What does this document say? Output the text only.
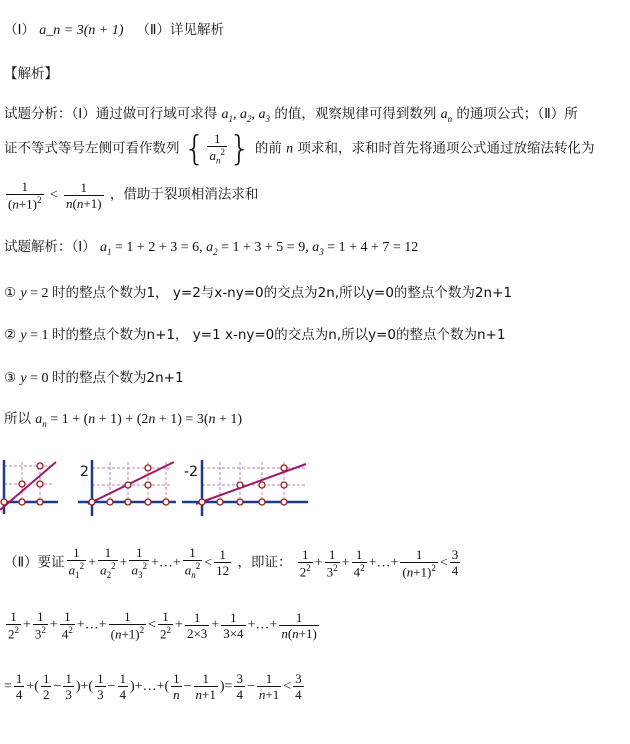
（Ⅰ） a_n = 3(n + 1) （Ⅱ）详见解析
【解析】
试题分析：（Ⅰ）通过做可行域可求得 $a_1$, $a_2$, $a_3$ 的值，观察规律可得到数列 $a_n$ 的通项公式；（Ⅱ）所
证不等式等号左侧可看作数列 { $\frac{1}{a_n^2}$ } 的前 n 项求和，求和时首先将通项公式通过放缩法转化为
$\frac{1}{(n+1)^2} < \frac{1}{n(n+1)}$ ，借助于裂项相消法求和
试题解析：（Ⅰ） $a_1 = 1 + 2 + 3 = 6$, $a_2 = 1 + 3 + 5 = 9$, $a_3 = 1 + 4 + 7 = 12$
① y = 2 时的整点个数为1， y=2与x-ny=0的交点为2n,所以y=0的整点个数为2n+1
② y = 1 时的整点个数为n+1， y=1 x-ny=0的交点为n,所以y=0的整点个数为n+1
③ y = 0 时的整点个数为2n+1
所以 $a_n = 1 + (n + 1) + (2n + 1) = 3(n + 1)$
2	-2
（Ⅱ）要证 $\frac{1}{a_1^2} + \frac{1}{a_2^2} + \frac{1}{a_3^2}$ +…+ $\frac{1}{a_n^2} < \frac{1}{12}$ ，即证： $\frac{1}{2^2} + \frac{1}{3^2} + \frac{1}{4^2}$ +…+ $\frac{1}{(n+1)^2} < \frac{3}{4}$
$\frac{1}{2^2} + \frac{1}{3^2} + \frac{1}{4^2}$ +…+ $\frac{1}{(n+1)^2} < \frac{1}{2^2} + \frac{1}{2\times 3} + \frac{1}{3\times 4}$ +…+ $\frac{1}{n(n+1)}$
= $\frac{1}{4}$ +( $\frac{1}{2} - \frac{1}{3}$ )+( $\frac{1}{3} - \frac{1}{4}$ )+…+( $\frac{1}{n} - \frac{1}{n+1}$ )= $\frac{3}{4} - \frac{1}{n+1} < \frac{3}{4}$
